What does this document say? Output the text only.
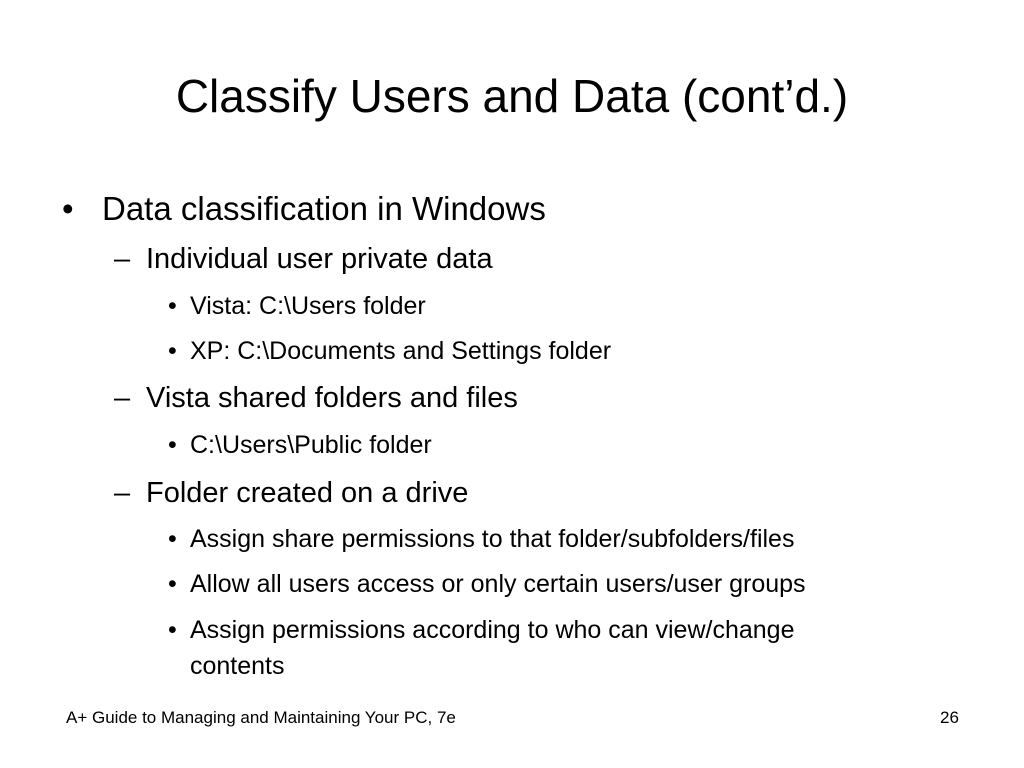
Classify Users and Data (cont’d.)
• Data classification in Windows
– Individual user private data
• Vista: C:\Users folder
• XP: C:\Documents and Settings folder
– Vista shared folders and files
• C:\Users\Public folder
– Folder created on a drive
• Assign share permissions to that folder/subfolders/files
• Allow all users access or only certain users/user groups
• Assign permissions according to who can view/change
contents
A+ Guide to Managing and Maintaining Your PC, 7e	26
